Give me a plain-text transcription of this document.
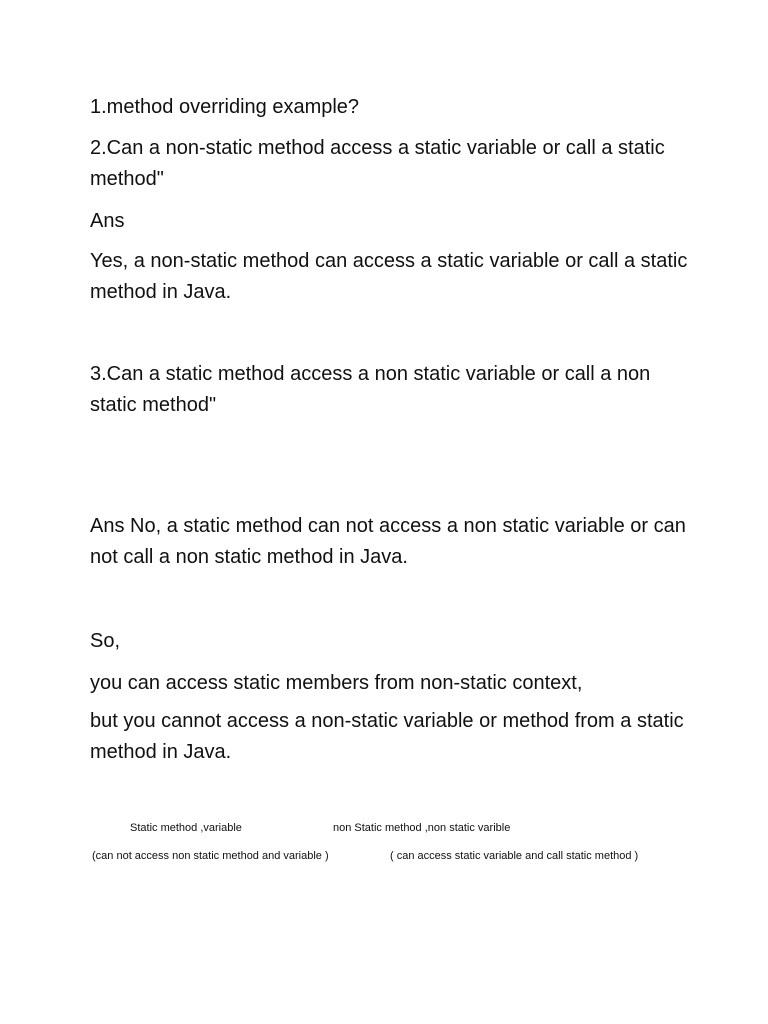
1.method overriding example?

2.Can a non-static method access a static variable or call a static method"

Ans

Yes, a non-static method can access a static variable or call a static method in Java.

3.Can a static method access a non static variable or call a non static method"

Ans No, a static method can not access a non static variable or can not call a non static method in Java.

So,

you can access static members from non-static context,

but you cannot access a non-static variable or method from a static method in Java.

Static method ,variable	non Static method ,non static varible

(can not access non static method and variable )	( can access static variable and call static method )
